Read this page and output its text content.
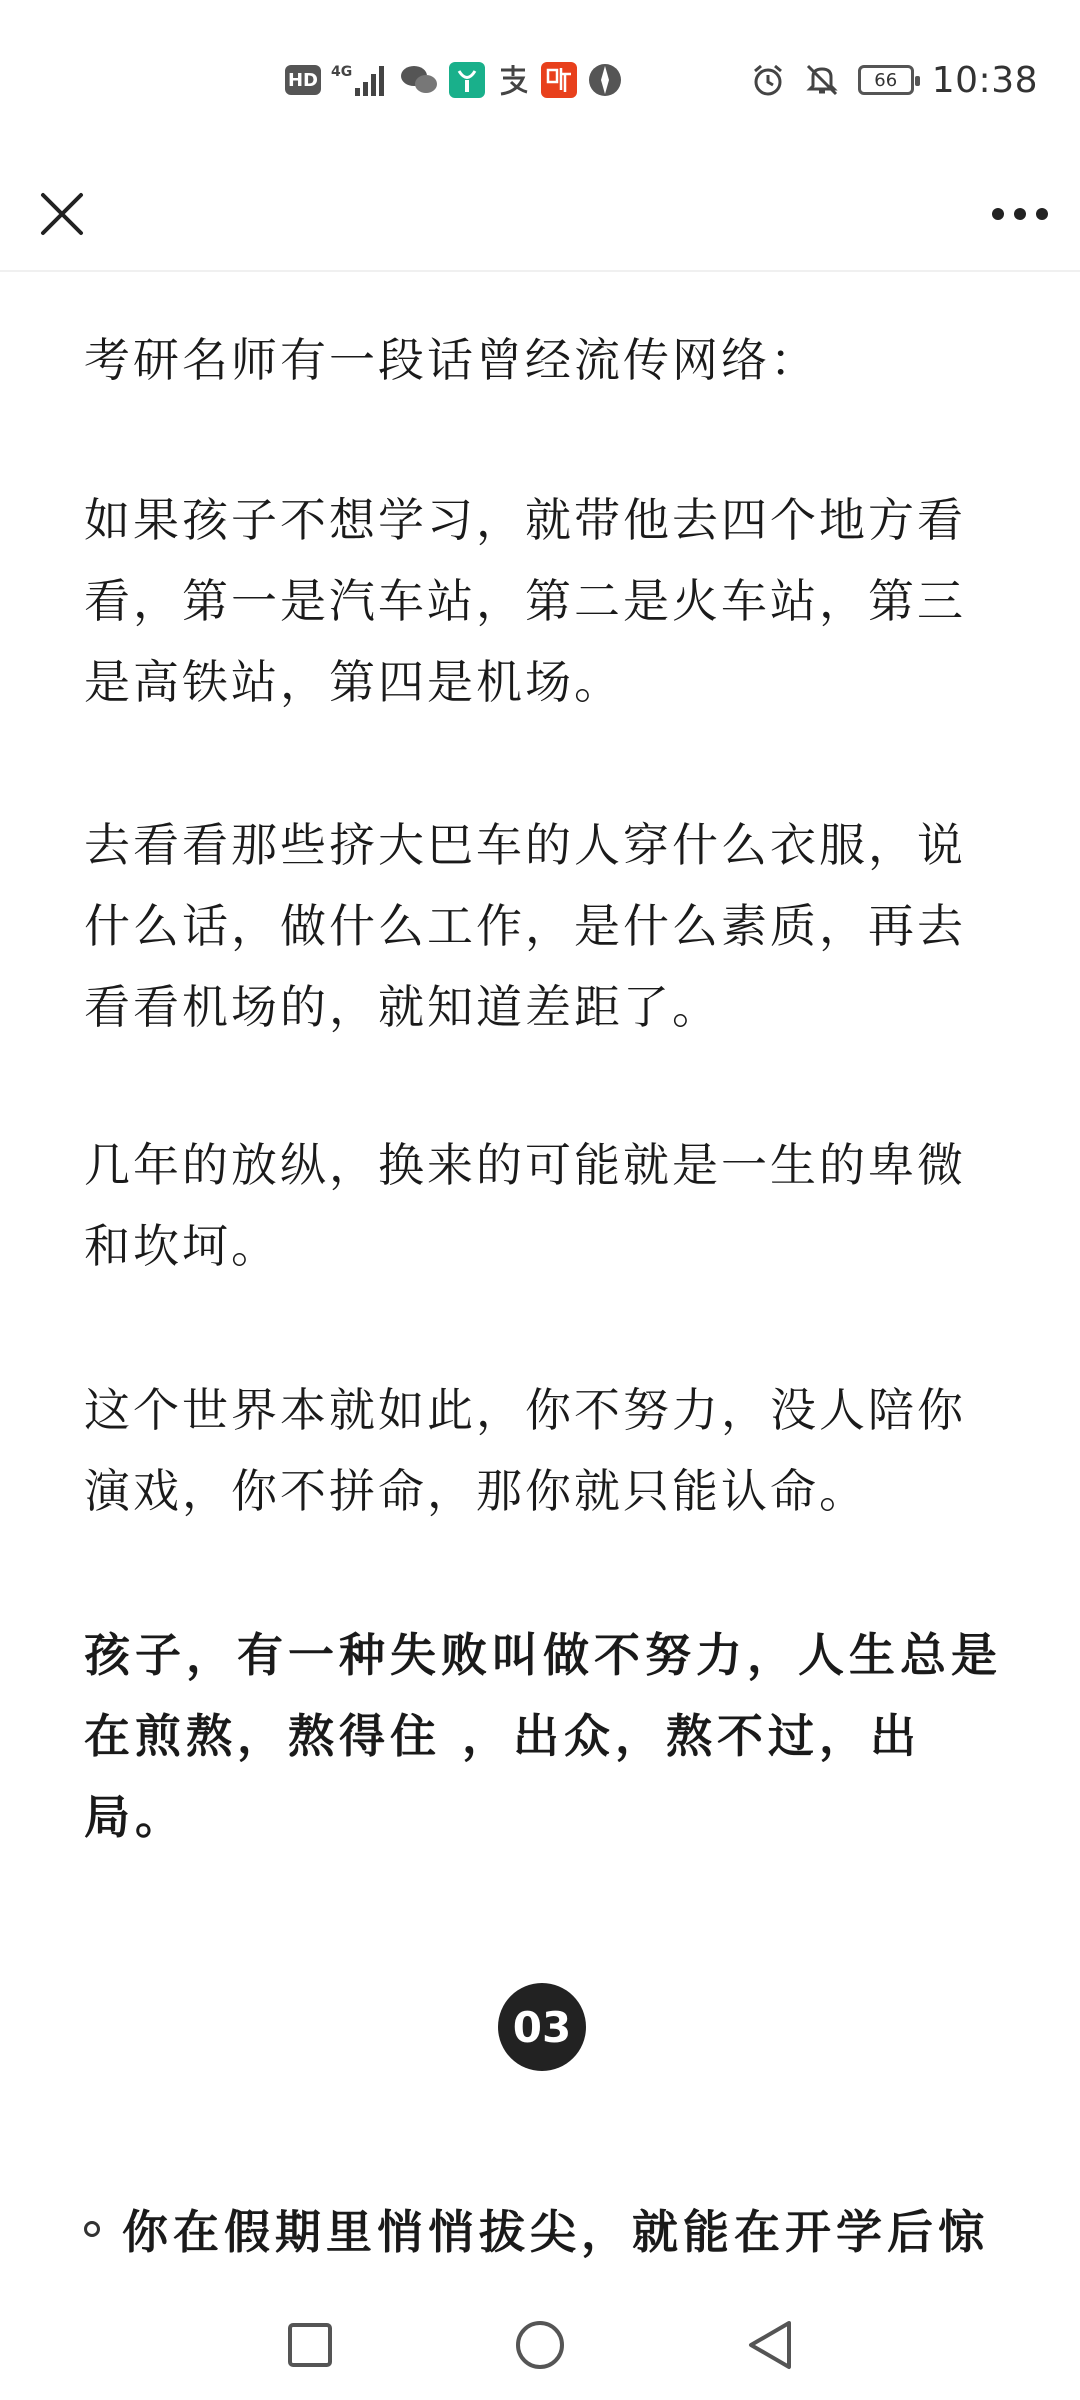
HD 4G	66 10:38

考研名师有一段话曾经流传网络：

如果孩子不想学习，就带他去四个地方看看，第一是汽车站，第二是火车站，第三是高铁站，第四是机场。

去看看那些挤大巴车的人穿什么衣服，说什么话，做什么工作，是什么素质，再去看看机场的，就知道差距了。

几年的放纵，换来的可能就是一生的卑微和坎坷。

这个世界本就如此，你不努力，没人陪你演戏，你不拼命，那你就只能认命。

孩子，有一种失败叫做不努力，人生总是在煎熬，熬得住 ，出众，熬不过，出局。

03
你在假期里悄悄拔尖，就能在开学后惊
